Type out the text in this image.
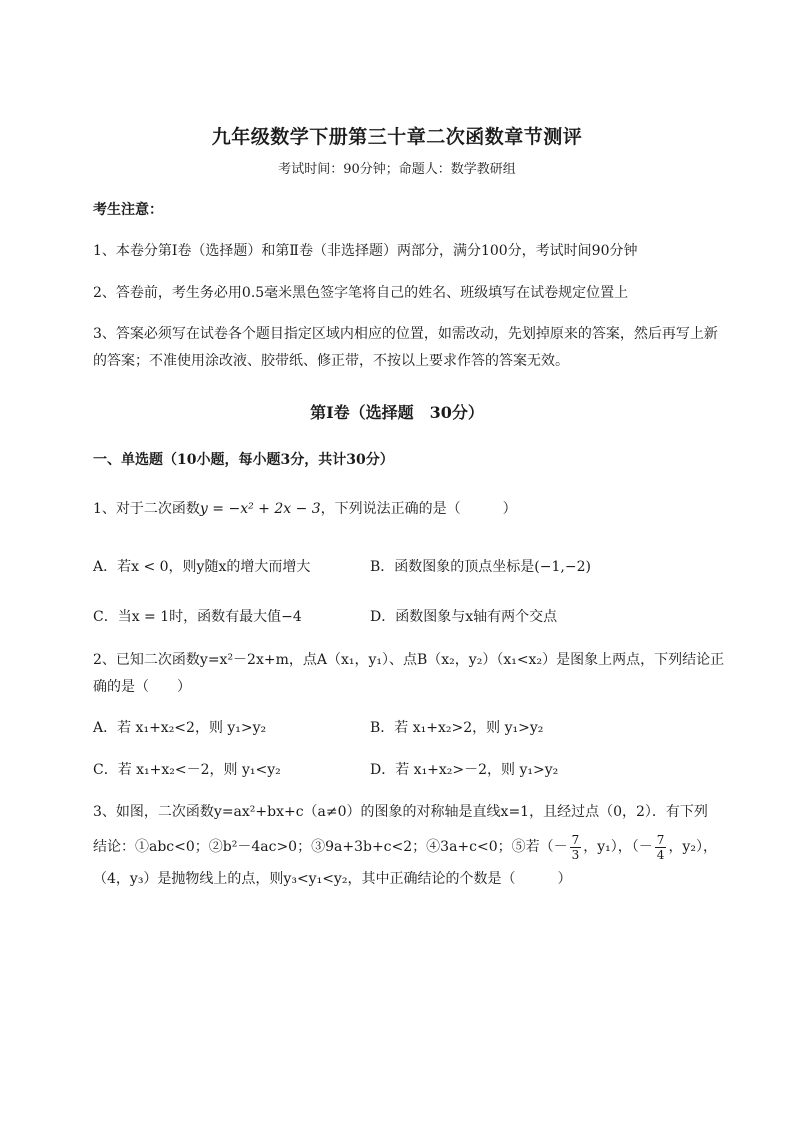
九年级数学下册第三十章二次函数章节测评
考试时间：90分钟；命题人：数学教研组
考生注意：
1、本卷分第Ⅰ卷（选择题）和第Ⅱ卷（非选择题）两部分，满分100分，考试时间90分钟
2、答卷前，考生务必用0.5毫米黑色签字笔将自己的姓名、班级填写在试卷规定位置上
3、答案必须写在试卷各个题目指定区域内相应的位置，如需改动，先划掉原来的答案，然后再写上新
的答案；不准使用涂改液、胶带纸、修正带，不按以上要求作答的答案无效。
第Ⅰ卷（选择题　30分）
一、单选题（10小题，每小题3分，共计30分）
1、对于二次函数y = −x² + 2x − 3，下列说法正确的是（　　　）
A．若x < 0，则y随x的增大而增大	B．函数图象的顶点坐标是(−1,−2)
C．当x = 1时，函数有最大值−4	D．函数图象与x轴有两个交点
2、已知二次函数y=x²－2x+m，点A（x₁，y₁）、点B（x₂，y₂）（x₁<x₂）是图象上两点，下列结论正
确的是（　　）
A．若 x₁+x₂<2，则 y₁>y₂	B．若 x₁+x₂>2，则 y₁>y₂
C．若 x₁+x₂<－2，则 y₁<y₂	D．若 x₁+x₂>－2，则 y₁>y₂
3、如图，二次函数y=ax²+bx+c（a≠0）的图象的对称轴是直线x=1，且经过点（0，2）．有下列
结论：①abc<0；②b²－4ac>0；③9a+3b+c<2；④3a+c<0；⑤若（－ $\frac{7}{3}$ ，y₁），（－ $\frac{7}{4}$ ，y₂），
（4，y₃）是抛物线上的点，则y₃<y₁<y₂，其中正确结论的个数是（　　　）
